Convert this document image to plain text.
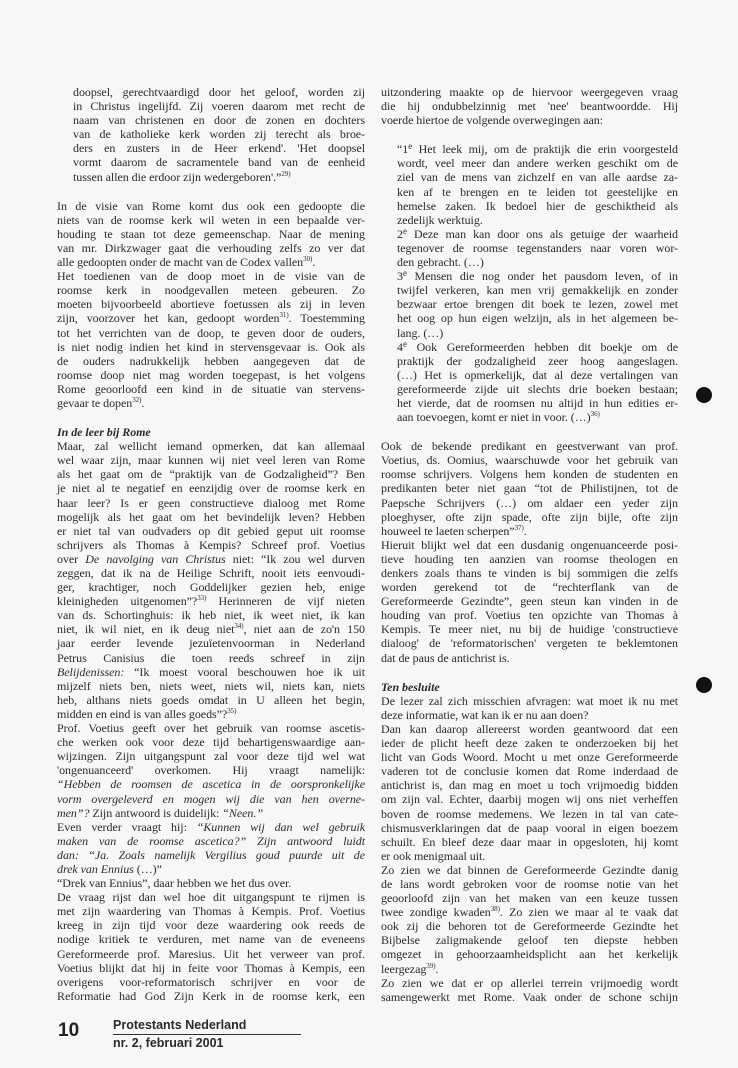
doopsel, gerechtvaardigd door het geloof, worden zij
in Christus ingelijfd. Zij voeren daarom met recht de
naam van christenen en door de zonen en dochters
van de katholieke kerk worden zij terecht als broe-
ders en zusters in de Heer erkend'. 'Het doopsel
vormt daarom de sacramentele band van de eenheid
tussen allen die erdoor zijn wedergeboren'.”$^{29)}$
In de visie van Rome komt dus ook een gedoopte die
niets van de roomse kerk wil weten in een bepaalde ver-
houding te staan tot deze gemeenschap. Naar de mening
van mr. Dirkzwager gaat die verhouding zelfs zo ver dat
alle gedoopten onder de macht van de Codex vallen$^{30)}$.
Het toedienen van de doop moet in de visie van de
roomse kerk in noodgevallen meteen gebeuren. Zo
moeten bijvoorbeeld abortieve foetussen als zij in leven
zijn, voorzover het kan, gedoopt worden$^{31)}$. Toestemming
tot het verrichten van de doop, te geven door de ouders,
is niet nodig indien het kind in stervensgevaar is. Ook als
de ouders nadrukkelijk hebben aangegeven dat de
roomse doop niet mag worden toegepast, is het volgens
Rome geoorloofd een kind in de situatie van stervens-
gevaar te dopen$^{32)}$.
In de leer bij Rome
Maar, zal wellicht iemand opmerken, dat kan allemaal
wel waar zijn, maar kunnen wij niet veel leren van Rome
als het gaat om de “praktijk van de Godzaligheid”? Ben
je niet al te negatief en eenzijdig over de roomse kerk en
haar leer? Is er geen constructieve dialoog met Rome
mogelijk als het gaat om het bevindelijk leven? Hebben
er niet tal van oudvaders op dit gebied geput uit roomse
schrijvers als Thomas à Kempis? Schreef prof. Voetius
over De navolging van Christus niet: “Ik zou wel durven
zeggen, dat ik na de Heilige Schrift, nooit iets eenvoudi-
ger, krachtiger, noch Goddelijker gezien heb, enige
kleinigheden uitgenomen”?$^{33)}$ Herinneren de vijf nieten
van ds. Schortinghuis: ik heb niet, ik weet niet, ik kan
niet, ik wil niet, en ik deug niet$^{34)}$, niet aan de zo'n 150
jaar eerder levende jezuïetenvoorman in Nederland
Petrus Canisius die toen reeds schreef in zijn
Belijdenissen: “Ik moest vooral beschouwen hoe ik uit
mijzelf niets ben, niets weet, niets wil, niets kan, niets
heb, althans niets goeds omdat in U alleen het begin,
midden en eind is van alles goeds”?$^{35)}$
Prof. Voetius geeft over het gebruik van roomse ascetis-
che werken ook voor deze tijd behartigenswaardige aan-
wijzingen. Zijn uitgangspunt zal voor deze tijd wel wat
'ongenuanceerd' overkomen. Hij vraagt namelijk:
“Hebben de roomsen de ascetica in de oorspronkelijke
vorm overgeleverd en mogen wij die van hen overne-
men”? Zijn antwoord is duidelijk: “Neen.”
Even verder vraagt hij: “Kunnen wij dan wel gebruik
maken van de roomse ascetica?” Zijn antwoord luidt
dan: “Ja. Zoals namelijk Vergilius goud puurde uit de
drek van Ennius (…)”
“Drek van Ennius”, daar hebben we het dus over.
De vraag rijst dan wel hoe dit uitgangspunt te rijmen is
met zijn waardering van Thomas à Kempis. Prof. Voetius
kreeg in zijn tijd voor deze waardering ook reeds de
nodige kritiek te verduren, met name van de eveneens
Gereformeerde prof. Maresius. Uit het verweer van prof.
Voetius blijkt dat hij in feite voor Thomas à Kempis, een
overigens voor-reformatorisch schrijver en voor de
Reformatie had God Zijn Kerk in de roomse kerk, een
uitzondering maakte op de hiervoor weergegeven vraag
die hij ondubbelzinnig met 'nee' beantwoordde. Hij
voerde hiertoe de volgende overwegingen aan:
“1e Het leek mij, om de praktijk die erin voorgesteld
wordt, veel meer dan andere werken geschikt om de
ziel van de mens van zichzelf en van alle aardse za-
ken af te brengen en te leiden tot geestelijke en
hemelse zaken. Ik bedoel hier de geschiktheid als
zedelijk werktuig.
2e Deze man kan door ons als getuige der waarheid
tegenover de roomse tegenstanders naar voren wor-
den gebracht. (…)
3e Mensen die nog onder het pausdom leven, of in
twijfel verkeren, kan men vrij gemakkelijk en zonder
bezwaar ertoe brengen dit boek te lezen, zowel met
het oog op hun eigen welzijn, als in het algemeen be-
lang. (…)
4e Ook Gereformeerden hebben dit boekje om de
praktijk der godzaligheid zeer hoog aangeslagen.
(…) Het is opmerkelijk, dat al deze vertalingen van
gereformeerde zijde uit slechts drie boeken bestaan;
het vierde, dat de roomsen nu altijd in hun edities er-
aan toevoegen, komt er niet in voor. (…)$^{36)}$
Ook de bekende predikant en geestverwant van prof.
Voetius, ds. Oomius, waarschuwde voor het gebruik van
roomse schrijvers. Volgens hem konden de studenten en
predikanten beter niet gaan “tot de Philistijnen, tot de
Paepsche Schrijvers (…) om aldaer een yeder zijn
ploeghyser, ofte zijn spade, ofte zijn bijle, ofte zijn
houweel te laeten scherpen”$^{37)}$.
Hieruit blijkt wel dat een dusdanig ongenuanceerde posi-
tieve houding ten aanzien van roomse theologen en
denkers zoals thans te vinden is bij sommigen die zelfs
worden gerekend tot de “rechterflank van de
Gereformeerde Gezindte”, geen steun kan vinden in de
houding van prof. Voetius ten opzichte van Thomas à
Kempis. Te meer niet, nu bij de huidige 'constructieve
dialoog' de 'reformatorischen' vergeten te beklemtonen
dat de paus de antichrist is.
Ten besluite
De lezer zal zich misschien afvragen: wat moet ik nu met
deze informatie, wat kan ik er nu aan doen?
Dan kan daarop allereerst worden geantwoord dat een
ieder de plicht heeft deze zaken te onderzoeken bij het
licht van Gods Woord. Mocht u met onze Gereformeerde
vaderen tot de conclusie komen dat Rome inderdaad de
antichrist is, dan mag en moet u toch vrijmoedig bidden
om zijn val. Echter, daarbij mogen wij ons niet verheffen
boven de roomse medemens. We lezen in tal van cate-
chismusverklaringen dat de paap vooral in eigen boezem
schuilt. En bleef deze daar maar in opgesloten, hij komt
er ook menigmaal uit.
Zo zien we dat binnen de Gereformeerde Gezindte danig
de lans wordt gebroken voor de roomse notie van het
geoorloofd zijn van het maken van een keuze tussen
twee zondige kwaden$^{38)}$. Zo zien we maar al te vaak dat
ook zij die behoren tot de Gereformeerde Gezindte het
Bijbelse zaligmakende geloof ten diepste hebben
omgezet in gehoorzaamheidsplicht aan het kerkelijk
leergezag$^{39)}$.
Zo zien we dat er op allerlei terrein vrijmoedig wordt
samengewerkt met Rome. Vaak onder de schone schijn
10	Protestants Nederland
nr. 2, februari 2001
